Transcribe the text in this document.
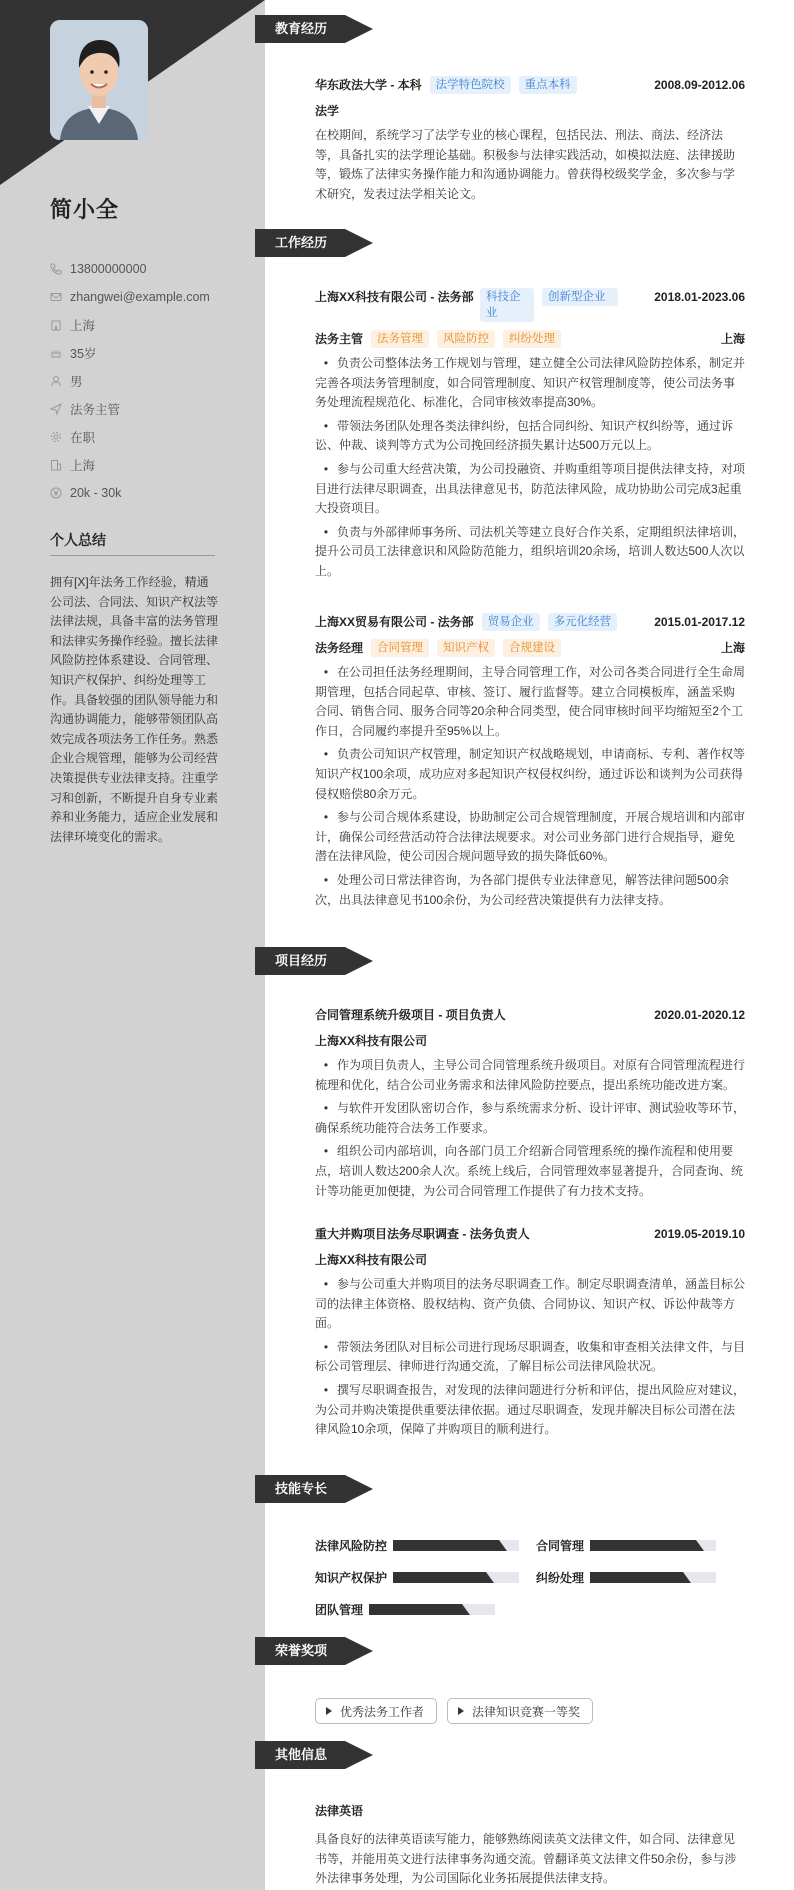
简小全
13800000000
zhangwei@example.com
上海
35岁
男
法务主管
在职
上海
20k - 30k
个人总结
拥有[X]年法务工作经验，精通公司法、合同法、知识产权法等法律法规，具备丰富的法务管理和法律实务操作经验。擅长法律风险防控体系建设、合同管理、知识产权保护、纠纷处理等工作。具备较强的团队领导能力和沟通协调能力，能够带领团队高效完成各项法务工作任务。熟悉企业合规管理，能够为公司经营决策提供专业法律支持。注重学习和创新，不断提升自身专业素养和业务能力，适应企业发展和法律环境变化的需求。
教育经历
华东政法大学 - 本科 法学特色院校 重点本科	2008.09-2012.06
法学
在校期间，系统学习了法学专业的核心课程，包括民法、刑法、商法、经济法等，具备扎实的法学理论基础。积极参与法律实践活动，如模拟法庭、法律援助等，锻炼了法律实务操作能力和沟通协调能力。曾获得校级奖学金，多次参与学术研究，发表过法学相关论文。
工作经历
上海XX科技有限公司 - 法务部	科技企业
创新型企业	2018.01-2023.06
法务主管 法务管理 风险防控 纠纷处理	上海
• 负责公司整体法务工作规划与管理，建立健全公司法律风险防控体系，制定并完善各项法务管理制度，如合同管理制度、知识产权管理制度等，使公司法务事务处理流程规范化、标准化，合同审核效率提高30%。
• 带领法务团队处理各类法律纠纷，包括合同纠纷、知识产权纠纷等，通过诉讼、仲裁、谈判等方式为公司挽回经济损失累计达500万元以上。
• 参与公司重大经营决策，为公司投融资、并购重组等项目提供法律支持，对项目进行法律尽职调查，出具法律意见书，防范法律风险，成功协助公司完成3起重大投资项目。
• 负责与外部律师事务所、司法机关等建立良好合作关系，定期组织法律培训，提升公司员工法律意识和风险防范能力，组织培训20余场，培训人数达500人次以上。
上海XX贸易有限公司 - 法务部 贸易企业 多元化经营	2015.01-2017.12
法务经理 合同管理 知识产权 合规建设	上海
• 在公司担任法务经理期间，主导合同管理工作，对公司各类合同进行全生命周期管理，包括合同起草、审核、签订、履行监督等。建立合同模板库，涵盖采购合同、销售合同、服务合同等20余种合同类型，使合同审核时间平均缩短至2个工作日，合同履约率提升至95%以上。
• 负责公司知识产权管理，制定知识产权战略规划，申请商标、专利、著作权等知识产权100余项，成功应对多起知识产权侵权纠纷，通过诉讼和谈判为公司获得侵权赔偿80余万元。
• 参与公司合规体系建设，协助制定公司合规管理制度，开展合规培训和内部审计，确保公司经营活动符合法律法规要求。对公司业务部门进行合规指导，避免潜在法律风险，使公司因合规问题导致的损失降低60%。
• 处理公司日常法律咨询，为各部门提供专业法律意见，解答法律问题500余次，出具法律意见书100余份，为公司经营决策提供有力法律支持。
项目经历
合同管理系统升级项目 - 项目负责人	2020.01-2020.12
上海XX科技有限公司
• 作为项目负责人，主导公司合同管理系统升级项目。对原有合同管理流程进行梳理和优化，结合公司业务需求和法律风险防控要点，提出系统功能改进方案。
• 与软件开发团队密切合作，参与系统需求分析、设计评审、测试验收等环节，确保系统功能符合法务工作要求。
• 组织公司内部培训，向各部门员工介绍新合同管理系统的操作流程和使用要点，培训人数达200余人次。系统上线后，合同管理效率显著提升，合同查询、统计等功能更加便捷，为公司合同管理工作提供了有力技术支持。
重大并购项目法务尽职调查 - 法务负责人	2019.05-2019.10
上海XX科技有限公司
• 参与公司重大并购项目的法务尽职调查工作。制定尽职调查清单，涵盖目标公司的法律主体资格、股权结构、资产负债、合同协议、知识产权、诉讼仲裁等方面。
• 带领法务团队对目标公司进行现场尽职调查，收集和审查相关法律文件，与目标公司管理层、律师进行沟通交流，了解目标公司法律风险状况。
• 撰写尽职调查报告，对发现的法律问题进行分析和评估，提出风险应对建议，为公司并购决策提供重要法律依据。通过尽职调查，发现并解决目标公司潜在法律风险10余项，保障了并购项目的顺利进行。
技能专长
法律风险防控	合同管理
知识产权保护	纠纷处理
团队管理
荣誉奖项
优秀法务工作者	法律知识竞赛一等奖
其他信息
法律英语
具备良好的法律英语读写能力，能够熟练阅读英文法律文件，如合同、法律意见书等，并能用英文进行法律事务沟通交流。曾翻译英文法律文件50余份，参与涉外法律事务处理，为公司国际化业务拓展提供法律支持。
